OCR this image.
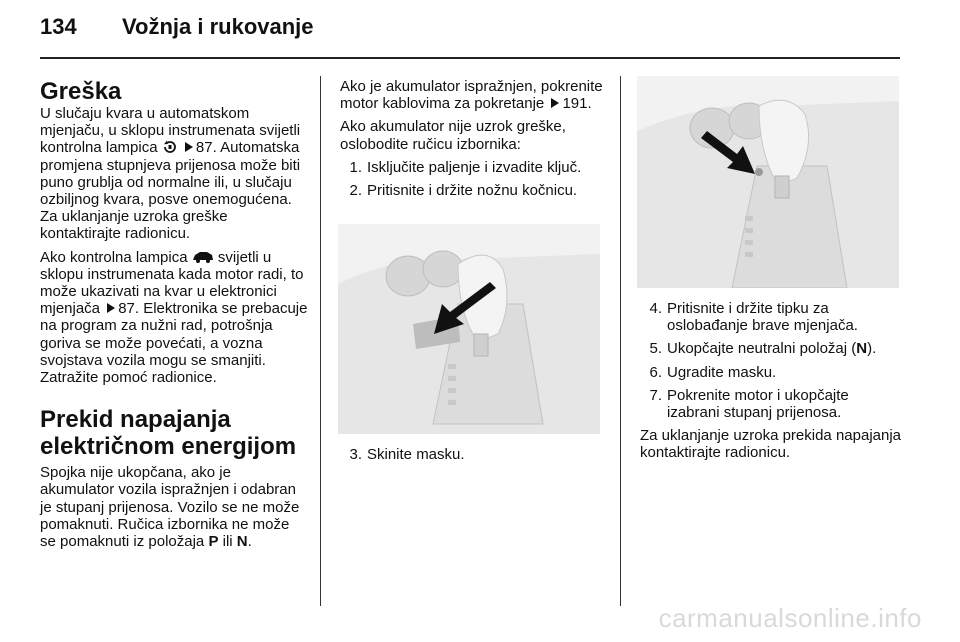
134 Vožnja i rukovanje
Greška

U slučaju kvara u automatskom mjenjaču, u sklopu instrumenata svijetli kontrolna lampica	87. Automatska promjena stupnjeva prijenosa može biti puno grublja od normalne ili, u slučaju ozbiljnog kvara, posve onemogućena. Za uklanjanje uzroka greške kontaktirajte radionicu.

Ako kontrolna lampica svijetli u sklopu instrumenata kada motor radi, to može ukazivati na kvar u elektronici mjenjača 87. Elektronika se prebacuje na program za nužni rad, potrošnja goriva se može povećati, a vozna svojstava vozila mogu se smanjiti. Zatražite pomoć radionice.

Prekid napajanja
električnom energijom

Spojka nije ukopčana, ako je akumulator vozila ispražnjen i odabran je stupanj prijenosa. Vozilo se ne može pomaknuti. Ručica izbornika ne može se pomaknuti iz položaja P ili N.

Ako je akumulator ispražnjen, pokrenite motor kablovima za pokretanje 191.

Ako akumulator nije uzrok greške, oslobodite ručicu izbornika:

1. Isključite paljenje i izvadite ključ.
2. Pritisnite i držite nožnu kočnicu.
3. Skinite masku.
4. Pritisnite i držite tipku za oslobađanje brave mjenjača.
5. Ukopčajte neutralni položaj (N).
6. Ugradite masku.
7. Pokrenite motor i ukopčajte izabrani stupanj prijenosa.

Za uklanjanje uzroka prekida napajanja kontaktirajte radionicu.

carmanualsonline.info
